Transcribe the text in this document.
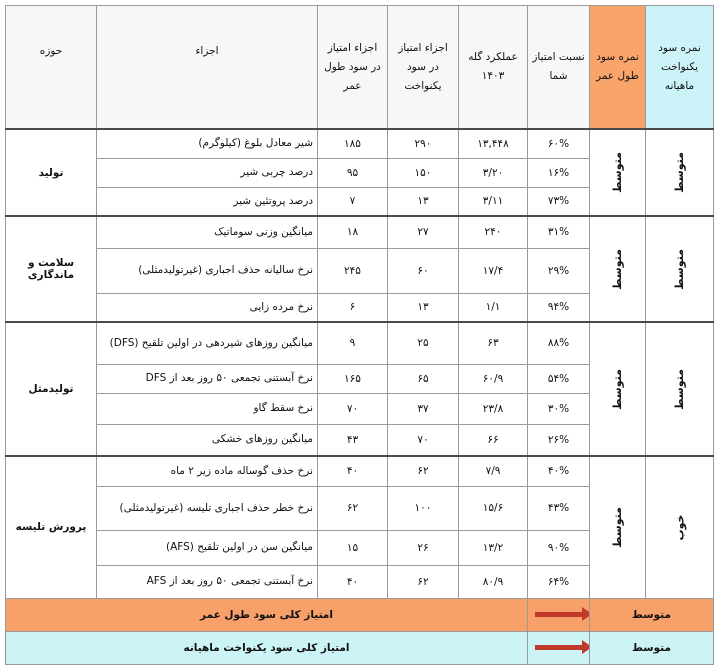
حوزه	اجزاء	اجزاء امتیاز در سود طول عمر	اجزاء امتیاز در سود یکنواخت	عملکرد گله ۱۴۰۳	نسبت امتیاز شما	نمره سود طول عمر	نمره سود یکنواخت ماهیانه
تولید	شیر معادل بلوغ (کیلوگرم)	۱۸۵	۲۹۰	۱۳,۴۴۸	۶۰%	متوسط	متوسط
	درصد چربی شیر	۹۵	۱۵۰	۳/۲۰	۱۶%		
	درصد پروتئین شیر	۷	۱۳	۳/۱۱	۷۳%		
سلامت و ماندگاری	میانگین وزنی سوماتیک	۱۸	۲۷	۲۴۰	۳۱%	متوسط	متوسط
	نرخ سالیانه حذف اجباری (غیرتولیدمثلی)	۲۴۵	۶۰	۱۷/۴	۲۹%		
	نرخ مرده زایی	۶	۱۳	۱/۱	۹۴%		
تولیدمثل	میانگین روزهای شیردهی در اولین تلقیح (DFS)	۹	۲۵	۶۳	۸۸%	متوسط	متوسط
	نرخ آبستنی تجمعی ۵۰ روز بعد از DFS	۱۶۵	۶۵	۶۰/۹	۵۴%		
	نرخ سقط گاو	۷۰	۳۷	۲۳/۸	۳۰%		
	میانگین روزهای خشکی	۴۳	۷۰	۶۶	۲۶%		
پرورش تلیسه	نرخ حذف گوساله ماده زیر ۲ ماه	۴۰	۶۲	۷/۹	۴۰%	متوسط	خوب
	نرخ خطر حذف اجباری تلیسه (غیرتولیدمثلی)	۶۲	۱۰۰	۱۵/۶	۴۳%		
	میانگین سن در اولین تلقیح (AFS)	۱۵	۲۶	۱۳/۲	۹۰%		
	نرخ آبستنی تجمعی ۵۰ روز بعد از AFS	۴۰	۶۲	۸۰/۹	۶۴%		
امتیاز کلی سود طول عمر						متوسط	
امتیاز کلی سود یکنواخت ماهیانه						متوسط	
